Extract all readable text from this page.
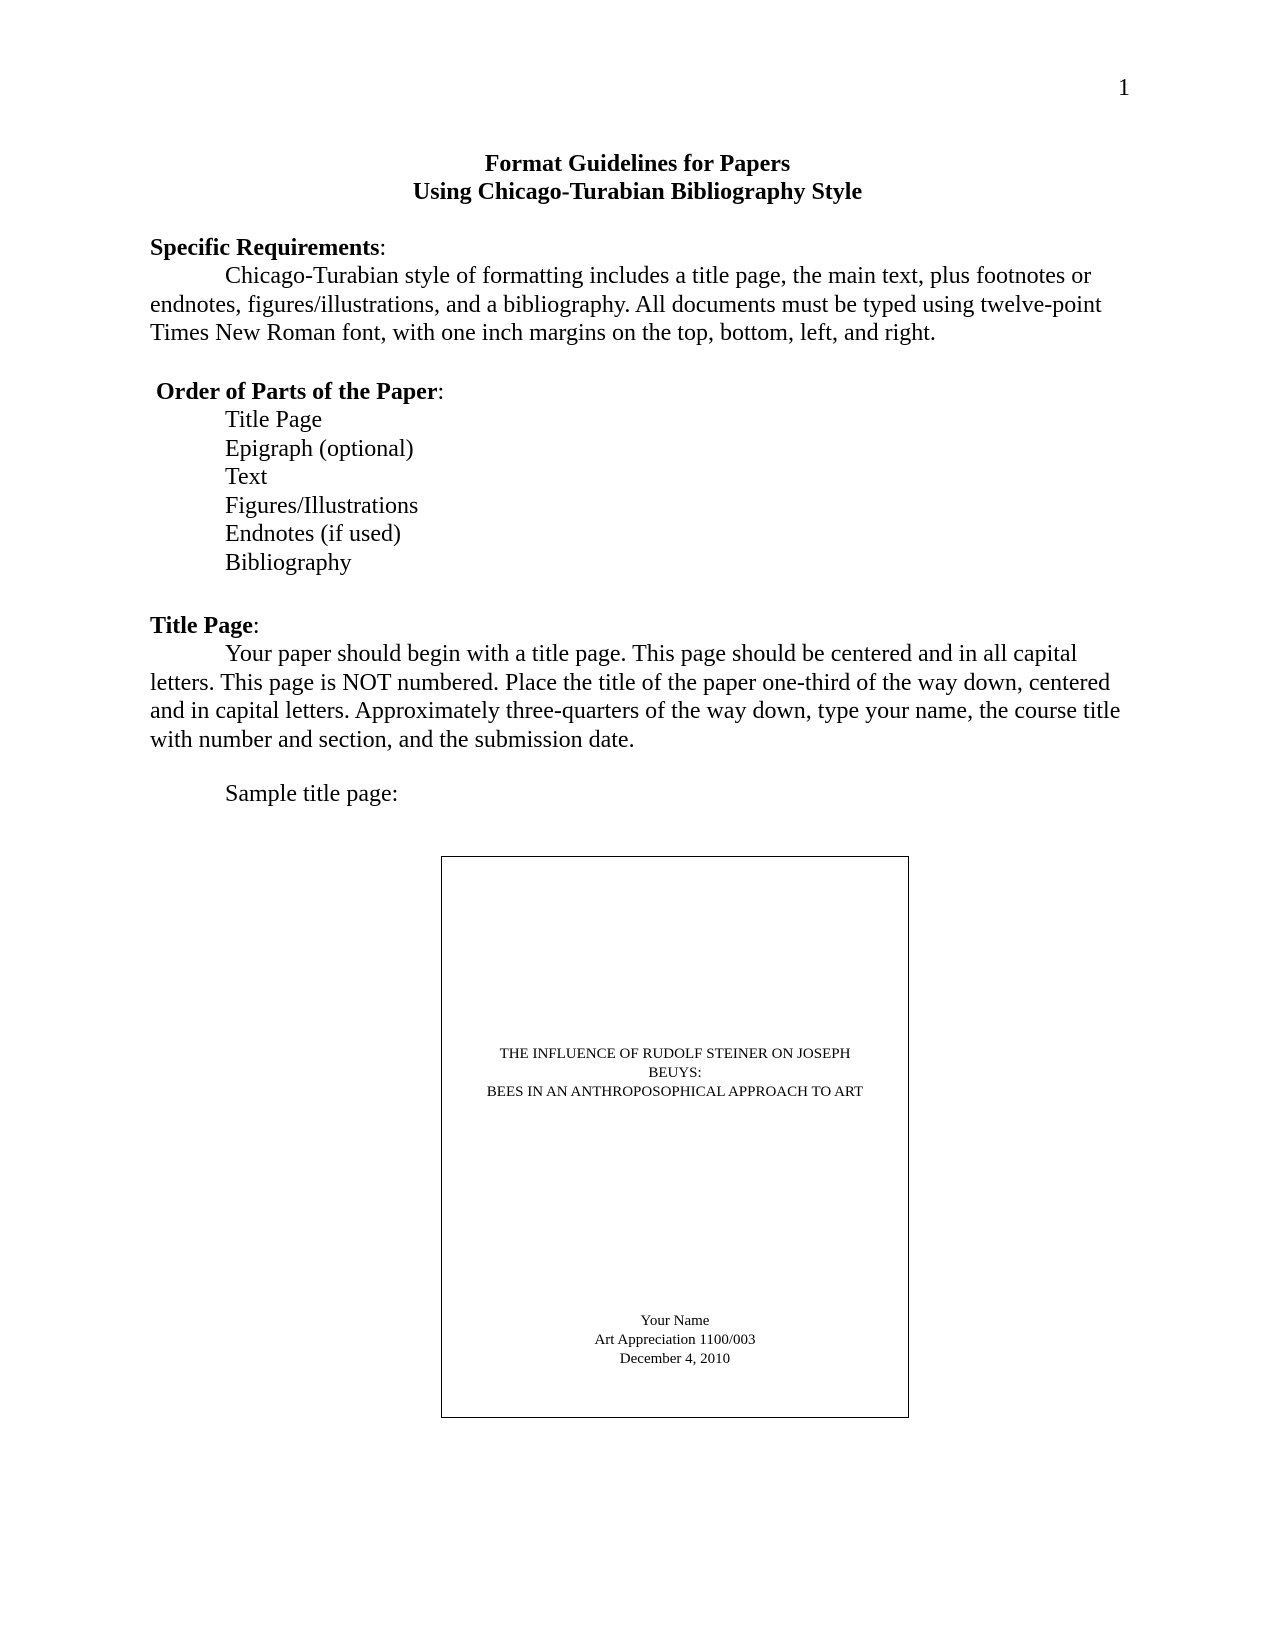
1
Format Guidelines for Papers
Using Chicago-Turabian Bibliography Style
Specific Requirements:
Chicago-Turabian style of formatting includes a title page, the main text, plus footnotes or endnotes, figures/illustrations, and a bibliography. All documents must be typed using twelve-point Times New Roman font, with one inch margins on the top, bottom, left, and right.
Order of Parts of the Paper:
Title Page
Epigraph (optional)
Text
Figures/Illustrations
Endnotes (if used)
Bibliography
Title Page:
Your paper should begin with a title page. This page should be centered and in all capital letters. This page is NOT numbered. Place the title of the paper one-third of the way down, centered and in capital letters. Approximately three-quarters of the way down, type your name, the course title with number and section, and the submission date.
Sample title page:
THE INFLUENCE OF RUDOLF STEINER ON JOSEPH
BEUYS:
BEES IN AN ANTHROPOSOPHICAL APPROACH TO ART
Your Name
Art Appreciation 1100/003
December 4, 2010
